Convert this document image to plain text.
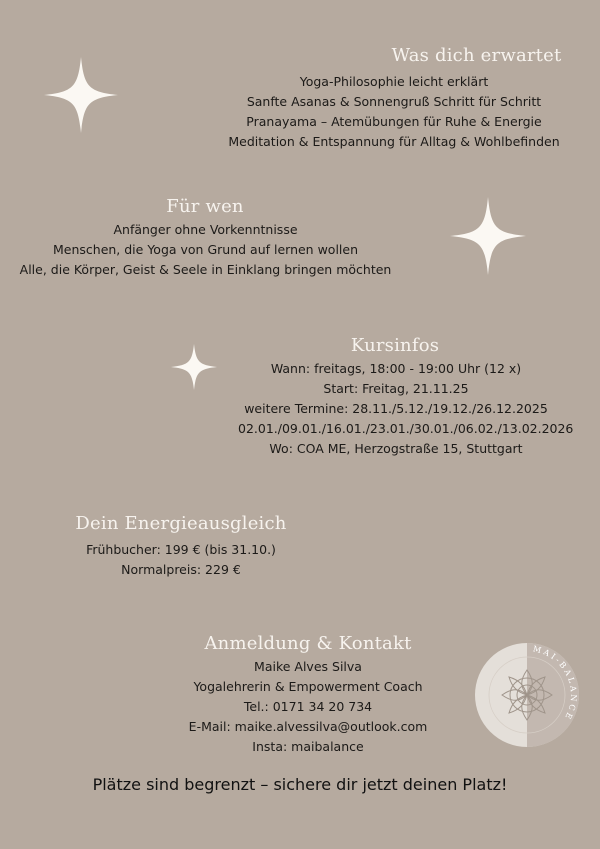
Was dich erwartet
Yoga-Philosophie leicht erklärt
Sanfte Asanas & Sonnengruß Schritt für Schritt
Pranayama – Atemübungen für Ruhe & Energie
Meditation & Entspannung für Alltag & Wohlbefinden
Für wen
Anfänger ohne Vorkenntnisse
Menschen, die Yoga von Grund auf lernen wollen
Alle, die Körper, Geist & Seele in Einklang bringen möchten
Kursinfos
Wann: freitags, 18:00 - 19:00 Uhr (12 x)
Start: Freitag, 21.11.25
weitere Termine: 28.11./5.12./19.12./26.12.2025
02.01./09.01./16.01./23.01./30.01./06.02./13.02.2026
Wo: COA ME, Herzogstraße 15, Stuttgart
Dein Energieausgleich
Frühbucher: 199 € (bis 31.10.)
Normalpreis: 229 €
Anmeldung & Kontakt
Maike Alves Silva
Yogalehrerin & Empowerment Coach
Tel.: 0171 34 20 734
E-Mail: maike.alvessilva@outlook.com
Insta: maibalance
MAI-BALANCE
Plätze sind begrenzt – sichere dir jetzt deinen Platz!
